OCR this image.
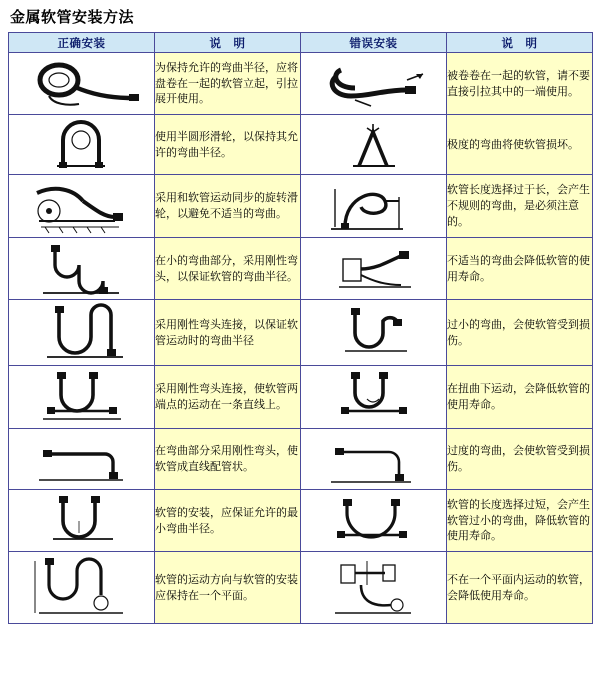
金属软管安装方法
正确安装	说　明	错误安装	说　明

	为保持允许的弯曲半径，应将盘卷在一起的软管立起，引拉展开使用。		被卷卷在一起的软管，请不要直接引拉其中的一端使用。

	使用半圆形滑轮，以保持其允许的弯曲半径。		极度的弯曲将使软管损坏。

	采用和软管运动同步的旋转滑轮，以避免不适当的弯曲。		软管长度选择过于长，会产生不规则的弯曲，是必须注意的。

	在小的弯曲部分，采用刚性弯头，以保证软管的弯曲半径。		不适当的弯曲会降低软管的使用寿命。

	采用刚性弯头连接，以保证软管运动时的弯曲半径		过小的弯曲，会使软管受到损伤。

	采用刚性弯头连接，使软管两端点的运动在一条直线上。		在扭曲下运动，会降低软管的使用寿命。

	在弯曲部分采用刚性弯头，使软管成直线配管状。		过度的弯曲，会使软管受到损伤。

	软管的安装，应保证允许的最小弯曲半径。		软管的长度选择过短，会产生软管过小的弯曲，降低软管的使用寿命。

	软管的运动方向与软管的安装应保持在一个平面。		不在一个平面内运动的软管，会降低使用寿命。
